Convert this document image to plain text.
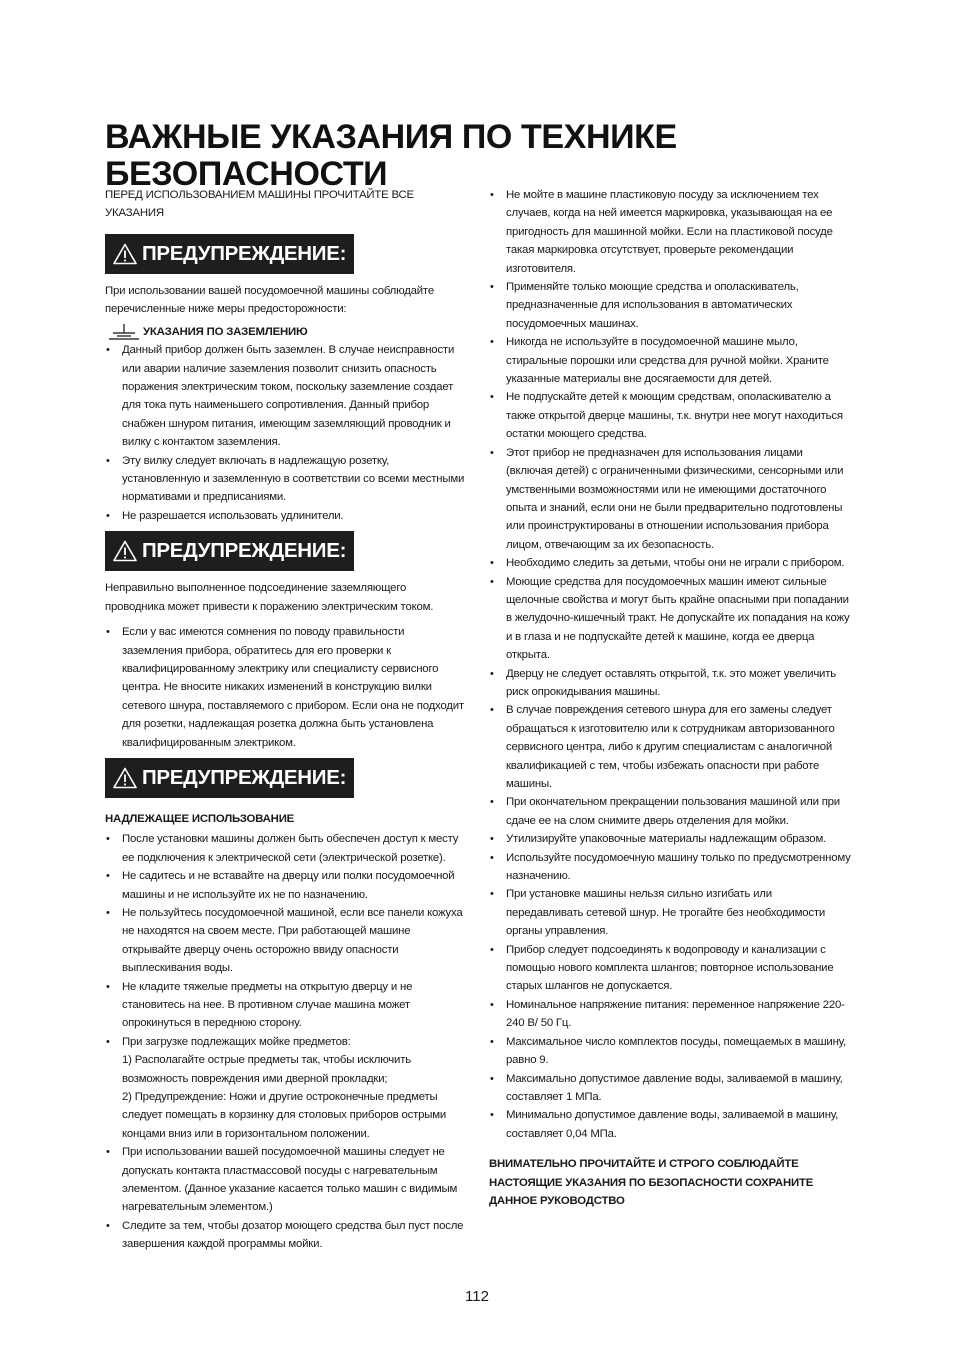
ВАЖНЫЕ УКАЗАНИЯ ПО ТЕХНИКЕ БЕЗОПАСНОСТИ

ПЕРЕД ИСПОЛЬЗОВАНИЕМ МАШИНЫ ПРОЧИТАЙТЕ ВСЕ УКАЗАНИЯ

ПРЕДУПРЕЖДЕНИЕ:

При использовании вашей посудомоечной машины соблюдайте перечисленные ниже меры предосторожности:

УКАЗАНИЯ ПО ЗАЗЕМЛЕНИЮ
• Данный прибор должен быть заземлен. В случае неисправности или аварии наличие заземления позволит снизить опасность поражения электрическим током, поскольку заземление создает для тока путь наименьшего сопротивления. Данный прибор снабжен шнуром питания, имеющим заземляющий проводник и вилку с контактом заземления.
• Эту вилку следует включать в надлежащую розетку, установленную и заземленную в соответствии со всеми местными нормативами и предписаниями.
• Не разрешается использовать удлинители.
ПРЕДУПРЕЖДЕНИЕ:

Неправильно выполненное подсоединение заземляющего проводника может привести к поражению электрическим током.

• Если у вас имеются сомнения по поводу правильности заземления прибора, обратитесь для его проверки к квалифицированному электрику или специалисту сервисного центра. Не вносите никаких изменений в конструкцию вилки сетевого шнура, поставляемого с прибором. Если она не подходит для розетки, надлежащая розетка должна быть установлена квалифицированным электриком.
ПРЕДУПРЕЖДЕНИЕ:

НАДЛЕЖАЩЕЕ ИСПОЛЬЗОВАНИЕ

• После установки машины должен быть обеспечен доступ к месту ее подключения к электрической сети (электрической розетке).
• Не садитесь и не вставайте на дверцу или полки посудомоечной машины и не используйте их не по назначению.
• Не пользуйтесь посудомоечной машиной, если все панели кожуха не находятся на своем месте. При работающей машине открывайте дверцу очень осторожно ввиду опасности выплескивания воды.
• Не кладите тяжелые предметы на открытую дверцу и не становитесь на нее. В противном случае машина может опрокинуться в переднюю сторону.
• При загрузке подлежащих мойке предметов:
1) Располагайте острые предметы так, чтобы исключить возможность повреждения ими дверной прокладки;
2) Предупреждение: Ножи и другие остроконечные предметы следует помещать в корзинку для столовых приборов острыми концами вниз или в горизонтальном положении.
• При использовании вашей посудомоечной машины следует не допускать контакта пластмассовой посуды с нагревательным элементом. (Данное указание касается только машин с видимым нагревательным элементом.)
• Следите за тем, чтобы дозатор моющего средства был пуст после завершения каждой программы мойки.
• Не мойте в машине пластиковую посуду за исключением тех случаев, когда на ней имеется маркировка, указывающая на ее пригодность для машинной мойки. Если на пластиковой посуде такая маркировка отсутствует, проверьте рекомендации изготовителя.
• Применяйте только моющие средства и ополаскиватель, предназначенные для использования в автоматических посудомоечных машинах.
• Никогда не используйте в посудомоечной машине мыло, стиральные порошки или средства для ручной мойки. Храните указанные материалы вне досягаемости для детей.
• Не подпускайте детей к моющим средствам, ополаскивателю а также открытой дверце машины, т.к. внутри нее могут находиться остатки моющего средства.
• Этот прибор не предназначен для использования лицами (включая детей) с ограниченными физическими, сенсорными или умственными возможностями или не имеющими достаточного опыта и знаний, если они не были предварительно подготовлены или проинструктированы в отношении использования прибора лицом, отвечающим за их безопасность.
• Необходимо следить за детьми, чтобы они не играли с прибором.
• Моющие средства для посудомоечных машин имеют сильные щелочные свойства и могут быть крайне опасными при попадании в желудочно-кишечный тракт. Не допускайте их попадания на кожу и в глаза и не подпускайте детей к машине, когда ее дверца открыта.
• Дверцу не следует оставлять открытой, т.к. это может увеличить риск опрокидывания машины.
• В случае повреждения сетевого шнура для его замены следует обращаться к изготовителю или к сотрудникам авторизованного сервисного центра, либо к другим специалистам с аналогичной квалификацией с тем, чтобы избежать опасности при работе машины.
• При окончательном прекращении пользования машиной или при сдаче ее на слом снимите дверь отделения для мойки.
• Утилизируйте упаковочные материалы надлежащим образом.
• Используйте посудомоечную машину только по предусмотренному назначению.
• При установке машины нельзя сильно изгибать или передавливать сетевой шнур. Не трогайте без необходимости органы управления.
• Прибор следует подсоединять к водопроводу и канализации с помощью нового комплекта шлангов; повторное использование старых шлангов не допускается.
• Номинальное напряжение питания: переменное напряжение 220-240 В/ 50 Гц.
• Максимальное число комплектов посуды, помещаемых в машину, равно 9.
• Максимально допустимое давление воды, заливаемой в машину, составляет 1 МПа.
• Минимально допустимое давление воды, заливаемой в машину, составляет 0,04 МПа.

ВНИМАТЕЛЬНО ПРОЧИТАЙТЕ И СТРОГО СОБЛЮДАЙТЕ НАСТОЯЩИЕ УКАЗАНИЯ ПО БЕЗОПАСНОСТИ СОХРАНИТЕ ДАННОЕ РУКОВОДСТВО

112
